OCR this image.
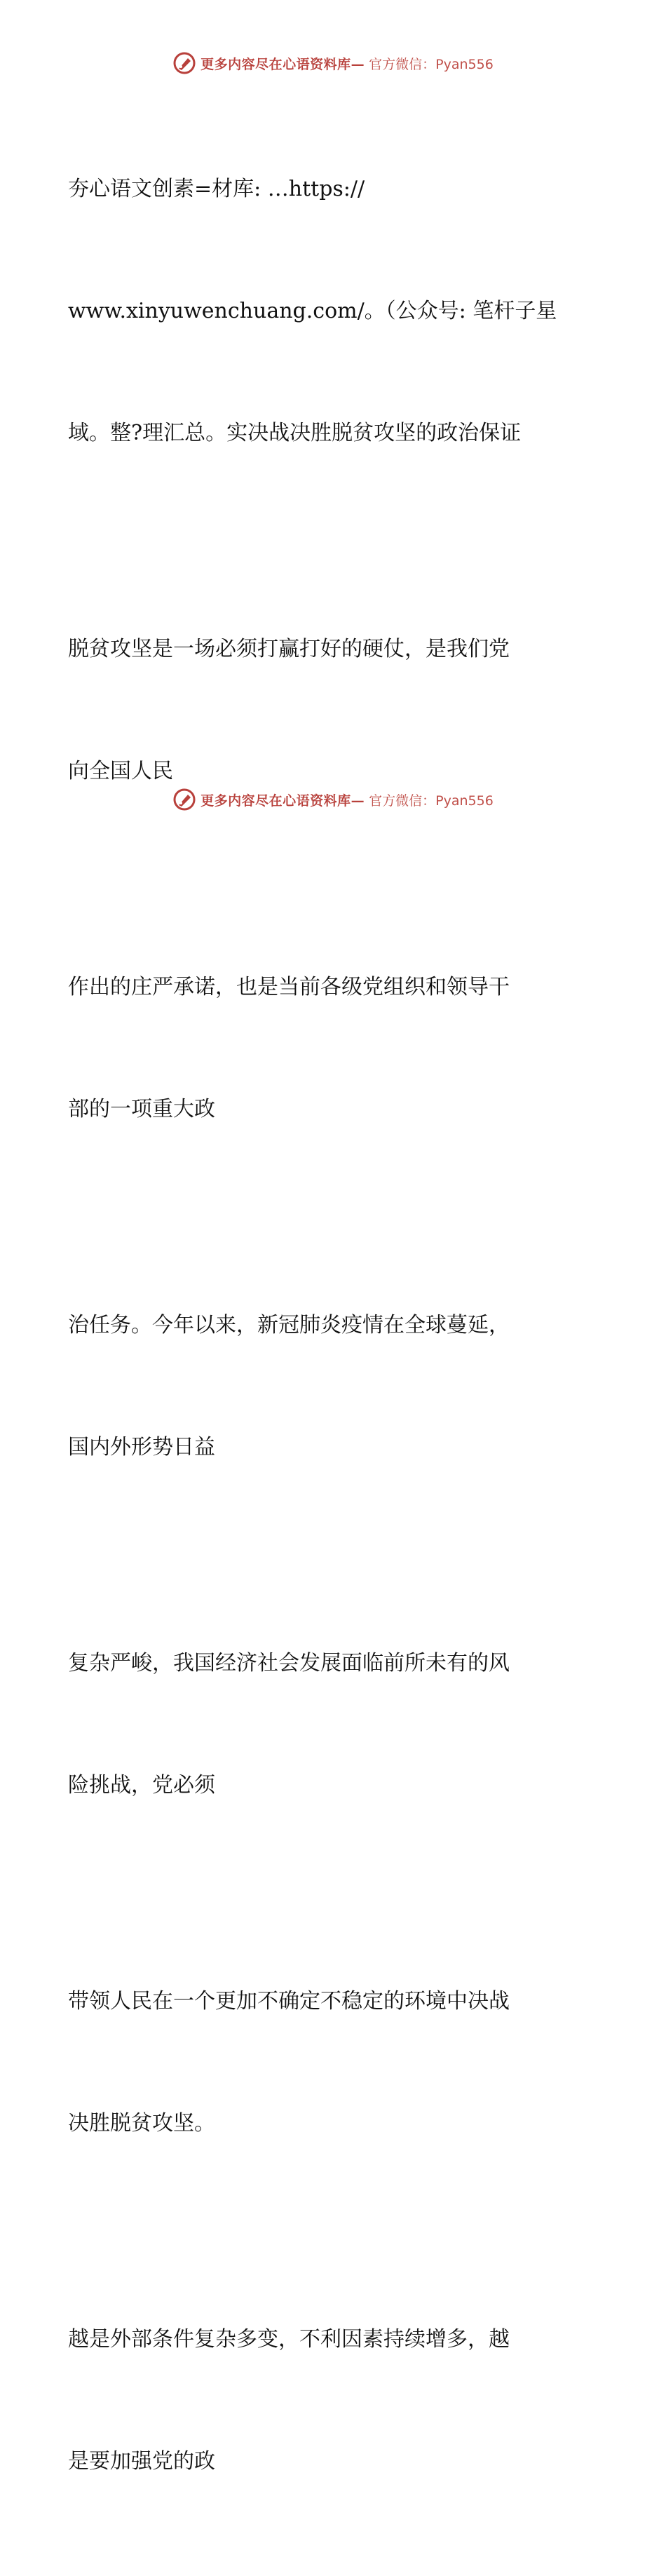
更多内容尽在心语资料库— 官方微信：Pyan556

夯心语文创素=材库: …https://

www.xinyuwenchuang.com/。（公众号: 笔杆子星

域。整?理汇总。实决战决胜脱贫攻坚的政治保证

脱贫攻坚是一场必须打赢打好的硬仗，是我们党

向全国人民

作出的庄严承诺，也是当前各级党组织和领导干

部的一项重大政

治任务。今年以来，新冠肺炎疫情在全球蔓延，

国内外形势日益

复杂严峻，我国经济社会发展面临前所未有的风

险挑战，党必须

带领人民在一个更加不确定不稳定的环境中决战

决胜脱贫攻坚。

越是外部条件复杂多变，不利因素持续增多，越

是要加强党的政

更多内容尽在心语资料库— 官方微信：Pyan556
